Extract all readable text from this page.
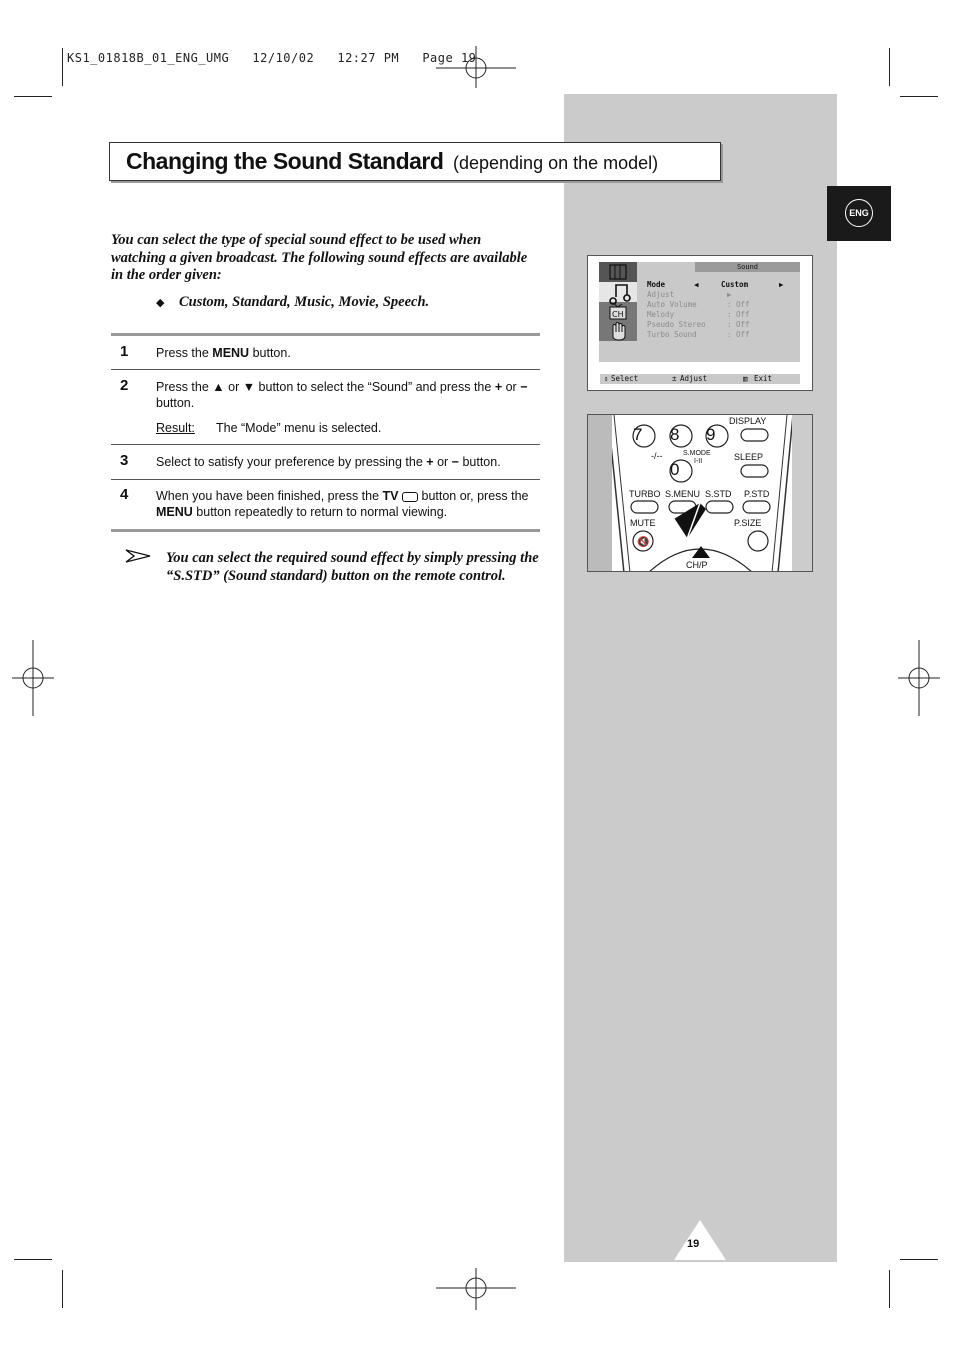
KS1_01818B_01_ENG_UMG   12/10/02   12:27 PM   Page 19
ENG
Changing the Sound Standard (depending on the model)
You can select the type of special sound effect to be used when watching a given broadcast. The following sound effects are available in the order given:
◆ Custom, Standard, Music, Movie, Speech.
1 Press the MENU button.
2 Press the ▲ or ▼ button to select the “Sound” and press the + or − button.
Result:	The “Mode” menu is selected.
3 Select to satisfy your preference by pressing the + or − button.
4 When you have been finished, press the TV  button or, press the MENU button repeatedly to return to normal viewing.
You can select the required sound effect by simply pressing the “S.STD” (Sound standard) button on the remote control.
CH
Sound
Mode	◀	Custom	▶
Adjust	▶
Auto Volume	: Off
Melody	: Off
Pseudo Stereo	: Off
Turbo Sound	: Off
⇕ Select	± Adjust	▥ Exit
🔇
7 8 9
0
DISPLAY
-/--	S.MODE
I-II	SLEEP
TURBO S.MENU S.STD P.STD
MUTE	P.SIZE
CH/P
19
